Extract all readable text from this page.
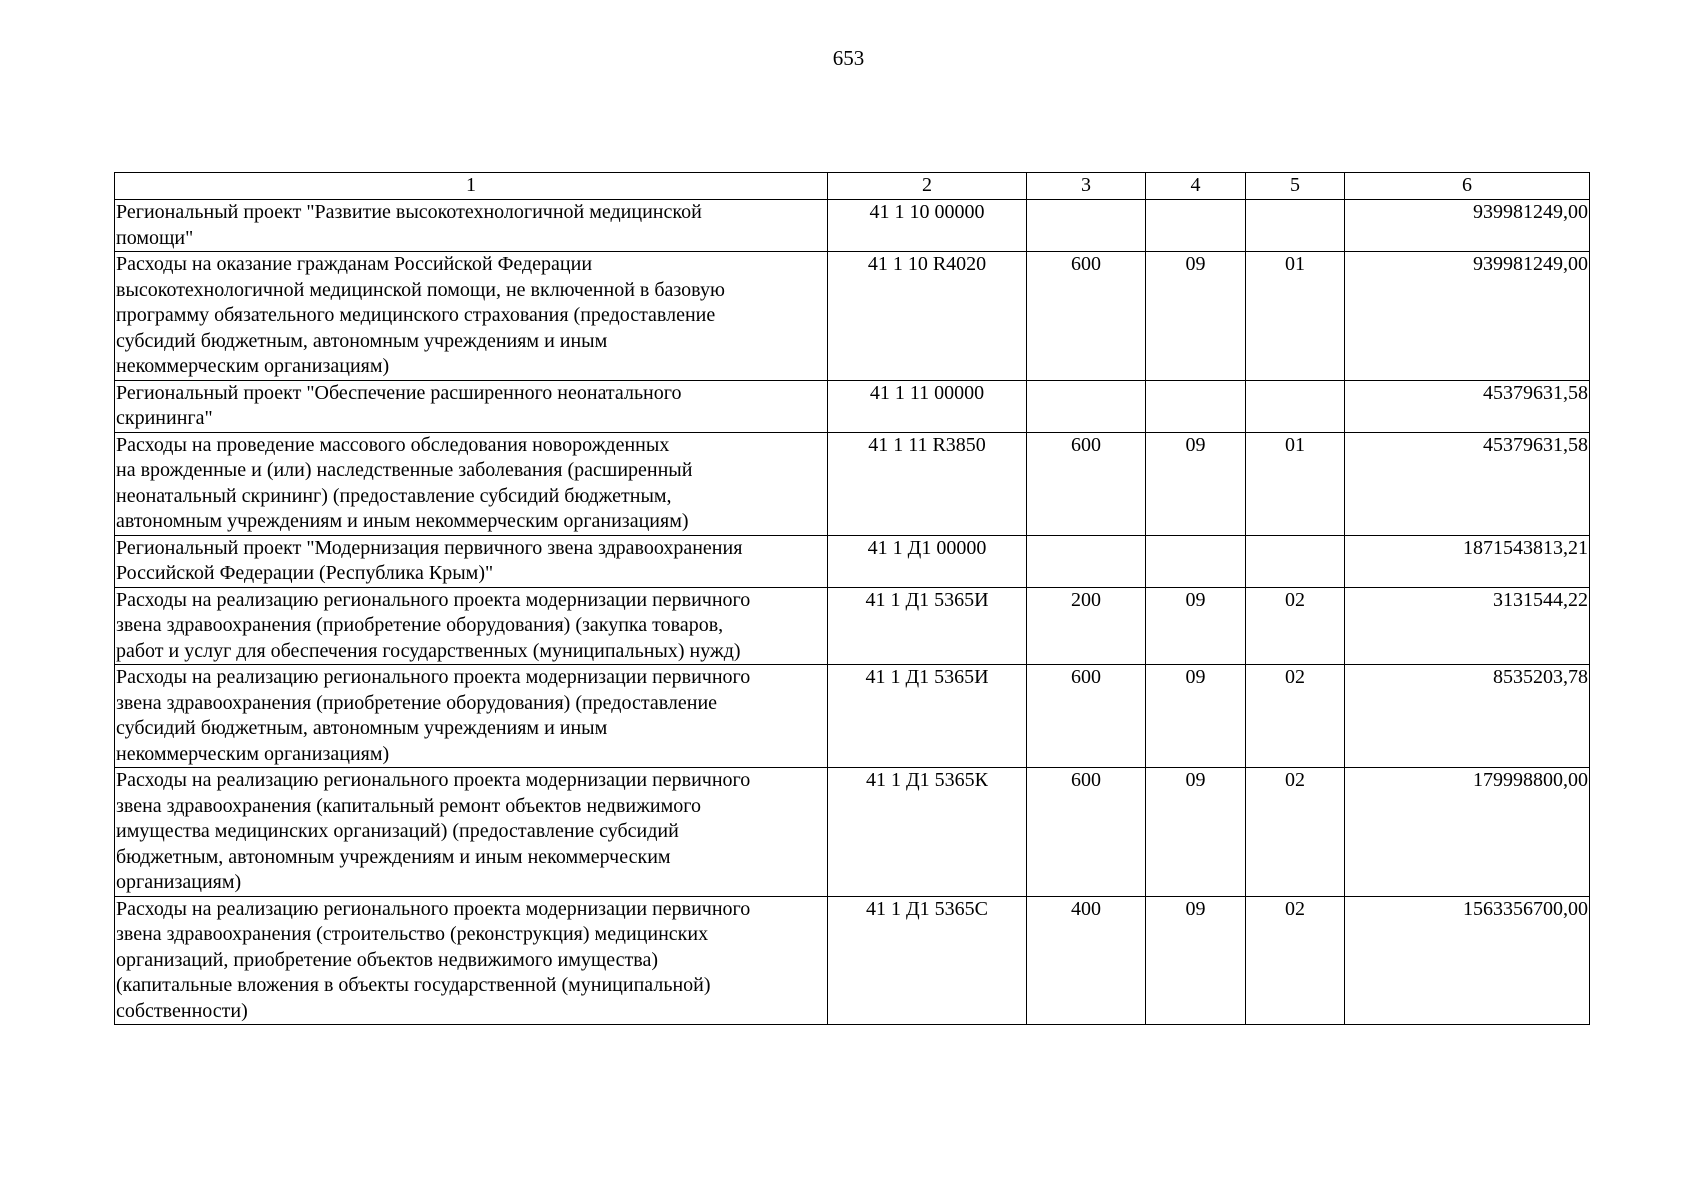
653
1	2	3	4	5	6
Региональный проект "Развитие высокотехнологичной медицинской
помощи"	41 1 10 00000				939981249,00
Расходы на оказание гражданам Российской Федерации
высокотехнологичной медицинской помощи, не включенной в базовую
программу обязательного медицинского страхования (предоставление
субсидий бюджетным, автономным учреждениям и иным
некоммерческим организациям)	41 1 10 R4020	600	09	01	939981249,00
Региональный проект "Обеспечение расширенного неонатального
скрининга"	41 1 11 00000				45379631,58
Расходы на проведение массового обследования новорожденных
на врожденные и (или) наследственные заболевания (расширенный
неонатальный скрининг) (предоставление субсидий бюджетным,
автономным учреждениям и иным некоммерческим организациям)	41 1 11 R3850	600	09	01	45379631,58
Региональный проект "Модернизация первичного звена здравоохранения
Российской Федерации (Республика Крым)"	41 1 Д1 00000				1871543813,21
Расходы на реализацию регионального проекта модернизации первичного
звена здравоохранения (приобретение оборудования) (закупка товаров,
работ и услуг для обеспечения государственных (муниципальных) нужд)	41 1 Д1 5365И	200	09	02	3131544,22
Расходы на реализацию регионального проекта модернизации первичного
звена здравоохранения (приобретение оборудования) (предоставление
субсидий бюджетным, автономным учреждениям и иным
некоммерческим организациям)	41 1 Д1 5365И	600	09	02	8535203,78
Расходы на реализацию регионального проекта модернизации первичного
звена здравоохранения (капитальный ремонт объектов недвижимого
имущества медицинских организаций) (предоставление субсидий
бюджетным, автономным учреждениям и иным некоммерческим
организациям)	41 1 Д1 5365К	600	09	02	179998800,00
Расходы на реализацию регионального проекта модернизации первичного
звена здравоохранения (строительство (реконструкция) медицинских
организаций, приобретение объектов недвижимого имущества)
(капитальные вложения в объекты государственной (муниципальной)
собственности)	41 1 Д1 5365С	400	09	02	1563356700,00
